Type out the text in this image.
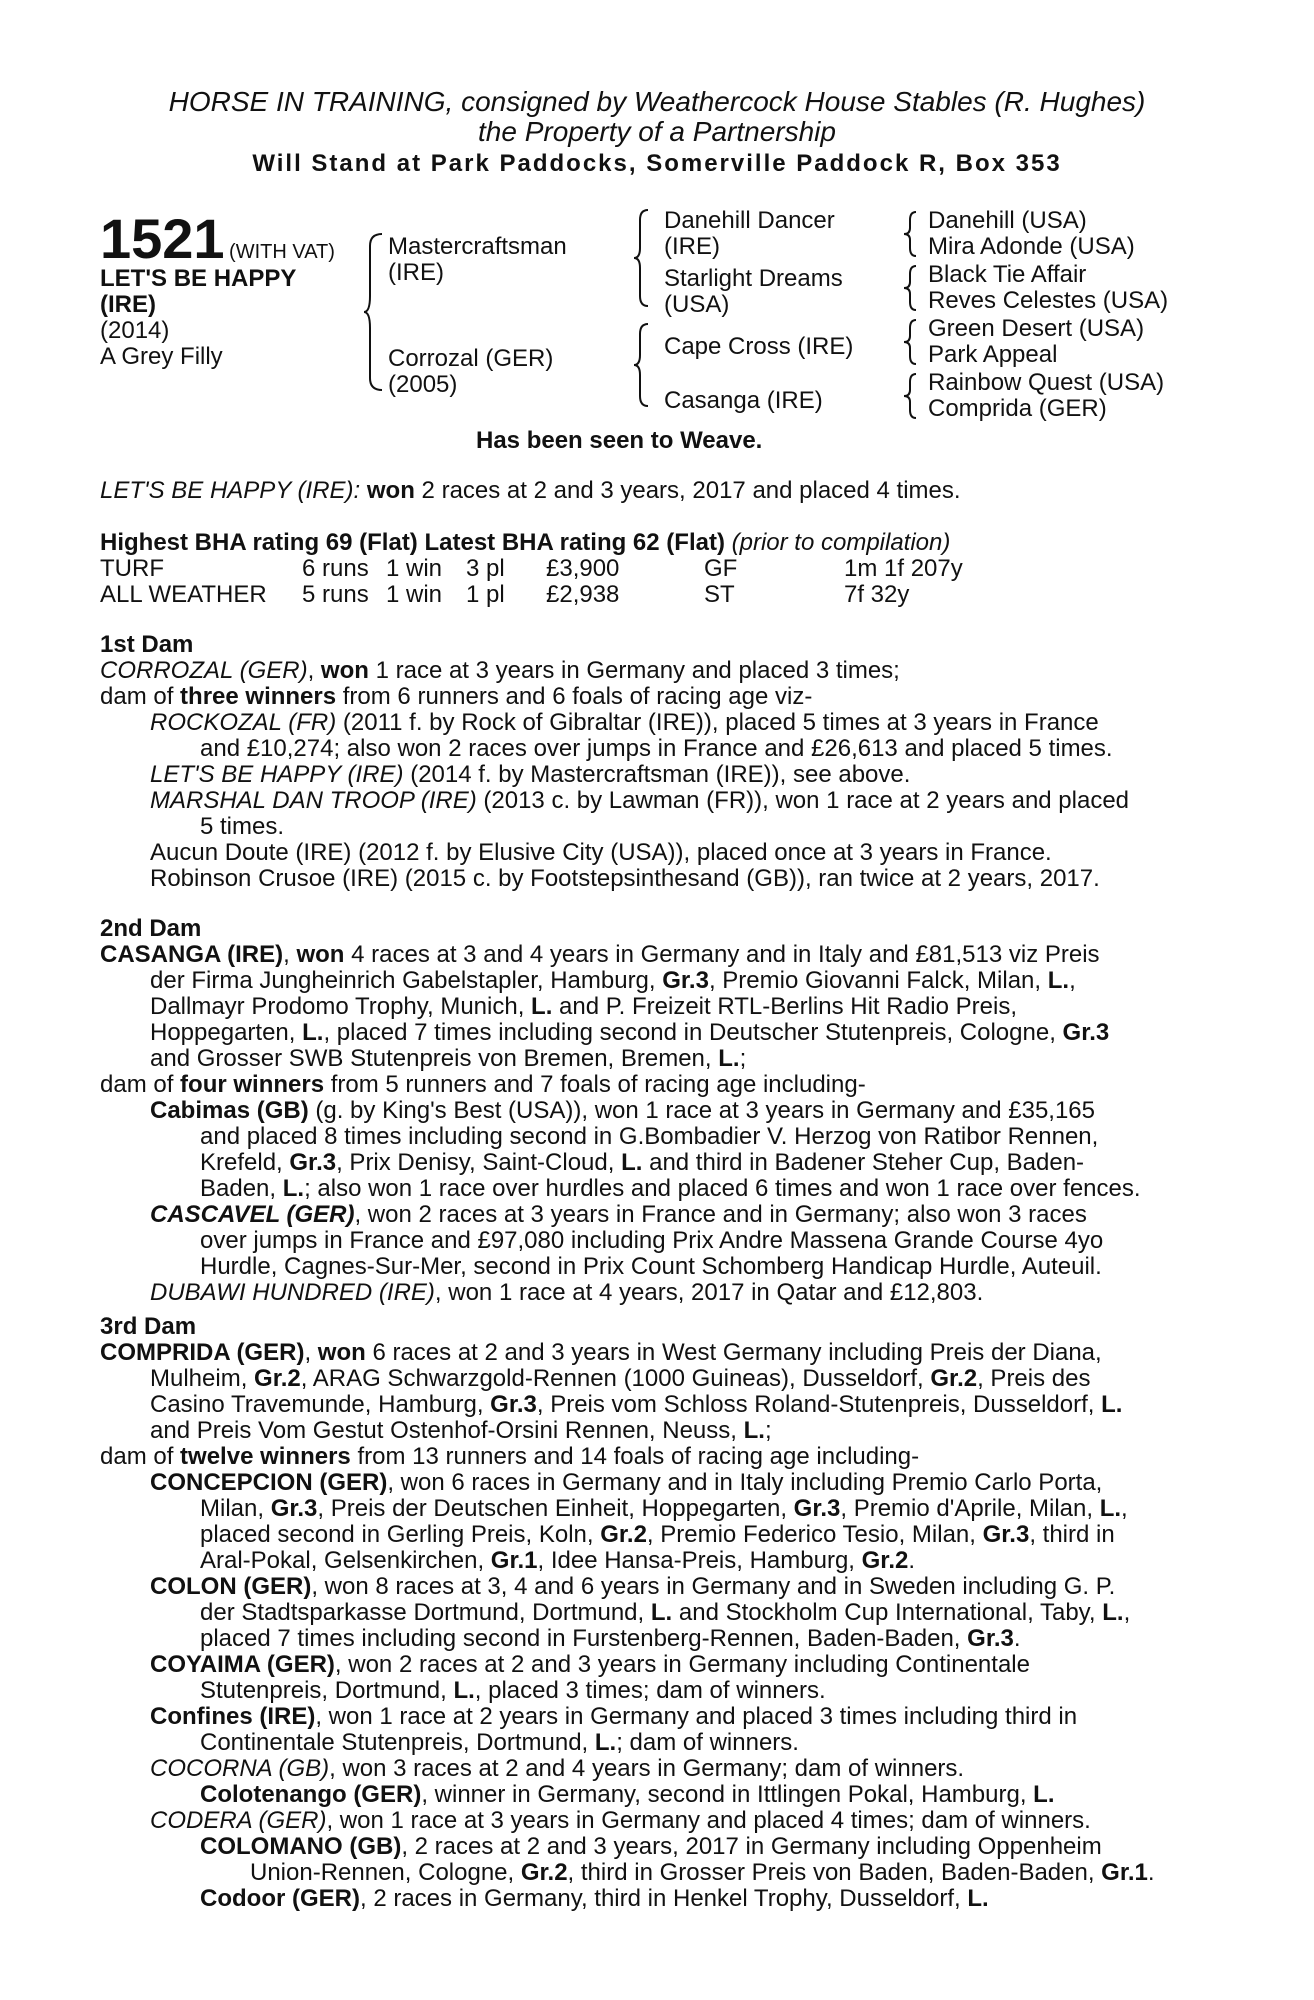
HORSE IN TRAINING, consigned by Weathercock House Stables (R. Hughes)
the Property of a Partnership
Will Stand at Park Paddocks, Somerville Paddock R, Box 353
1521 (WITH VAT)
LET'S BE HAPPY
(IRE)
(2014)
A Grey Filly
Mastercraftsman
(IRE)
Corrozal (GER)
(2005)
Danehill Dancer
(IRE)
Starlight Dreams
(USA)
Cape Cross (IRE)
Casanga (IRE)
Danehill (USA)
Mira Adonde (USA)
Black Tie Affair
Reves Celestes (USA)
Green Desert (USA)
Park Appeal
Rainbow Quest (USA)
Comprida (GER)
Has been seen to Weave.
LET'S BE HAPPY (IRE): won 2 races at 2 and 3 years, 2017 and placed 4 times.
Highest BHA rating 69 (Flat) Latest BHA rating 62 (Flat) (prior to compilation)
TURF	6 runs 1 win 3 pl £3,900	GF	1m 1f 207y
ALL WEATHER 5 runs 1 win 1 pl £2,938	ST	7f 32y
1st Dam
CORROZAL (GER), won 1 race at 3 years in Germany and placed 3 times;
dam of three winners from 6 runners and 6 foals of racing age viz-
ROCKOZAL (FR) (2011 f. by Rock of Gibraltar (IRE)), placed 5 times at 3 years in France
and £10,274; also won 2 races over jumps in France and £26,613 and placed 5 times.
LET'S BE HAPPY (IRE) (2014 f. by Mastercraftsman (IRE)), see above.
MARSHAL DAN TROOP (IRE) (2013 c. by Lawman (FR)), won 1 race at 2 years and placed
5 times.
Aucun Doute (IRE) (2012 f. by Elusive City (USA)), placed once at 3 years in France.
Robinson Crusoe (IRE) (2015 c. by Footstepsinthesand (GB)), ran twice at 2 years, 2017.
2nd Dam
CASANGA (IRE), won 4 races at 3 and 4 years in Germany and in Italy and £81,513 viz Preis
der Firma Jungheinrich Gabelstapler, Hamburg, Gr.3, Premio Giovanni Falck, Milan, L.,
Dallmayr Prodomo Trophy, Munich, L. and P. Freizeit RTL-Berlins Hit Radio Preis,
Hoppegarten, L., placed 7 times including second in Deutscher Stutenpreis, Cologne, Gr.3
and Grosser SWB Stutenpreis von Bremen, Bremen, L.;
dam of four winners from 5 runners and 7 foals of racing age including-
Cabimas (GB) (g. by King's Best (USA)), won 1 race at 3 years in Germany and £35,165
and placed 8 times including second in G.Bombadier V. Herzog von Ratibor Rennen,
Krefeld, Gr.3, Prix Denisy, Saint-Cloud, L. and third in Badener Steher Cup, Baden-
Baden, L.; also won 1 race over hurdles and placed 6 times and won 1 race over fences.
CASCAVEL (GER), won 2 races at 3 years in France and in Germany; also won 3 races
over jumps in France and £97,080 including Prix Andre Massena Grande Course 4yo
Hurdle, Cagnes-Sur-Mer, second in Prix Count Schomberg Handicap Hurdle, Auteuil.
DUBAWI HUNDRED (IRE), won 1 race at 4 years, 2017 in Qatar and £12,803.
3rd Dam
COMPRIDA (GER), won 6 races at 2 and 3 years in West Germany including Preis der Diana,
Mulheim, Gr.2, ARAG Schwarzgold-Rennen (1000 Guineas), Dusseldorf, Gr.2, Preis des
Casino Travemunde, Hamburg, Gr.3, Preis vom Schloss Roland-Stutenpreis, Dusseldorf, L.
and Preis Vom Gestut Ostenhof-Orsini Rennen, Neuss, L.;
dam of twelve winners from 13 runners and 14 foals of racing age including-
CONCEPCION (GER), won 6 races in Germany and in Italy including Premio Carlo Porta,
Milan, Gr.3, Preis der Deutschen Einheit, Hoppegarten, Gr.3, Premio d'Aprile, Milan, L.,
placed second in Gerling Preis, Koln, Gr.2, Premio Federico Tesio, Milan, Gr.3, third in
Aral-Pokal, Gelsenkirchen, Gr.1, Idee Hansa-Preis, Hamburg, Gr.2.
COLON (GER), won 8 races at 3, 4 and 6 years in Germany and in Sweden including G. P.
der Stadtsparkasse Dortmund, Dortmund, L. and Stockholm Cup International, Taby, L.,
placed 7 times including second in Furstenberg-Rennen, Baden-Baden, Gr.3.
COYAIMA (GER), won 2 races at 2 and 3 years in Germany including Continentale
Stutenpreis, Dortmund, L., placed 3 times; dam of winners.
Confines (IRE), won 1 race at 2 years in Germany and placed 3 times including third in
Continentale Stutenpreis, Dortmund, L.; dam of winners.
COCORNA (GB), won 3 races at 2 and 4 years in Germany; dam of winners.
Colotenango (GER), winner in Germany, second in Ittlingen Pokal, Hamburg, L.
CODERA (GER), won 1 race at 3 years in Germany and placed 4 times; dam of winners.
COLOMANO (GB), 2 races at 2 and 3 years, 2017 in Germany including Oppenheim
Union-Rennen, Cologne, Gr.2, third in Grosser Preis von Baden, Baden-Baden, Gr.1.
Codoor (GER), 2 races in Germany, third in Henkel Trophy, Dusseldorf, L.
